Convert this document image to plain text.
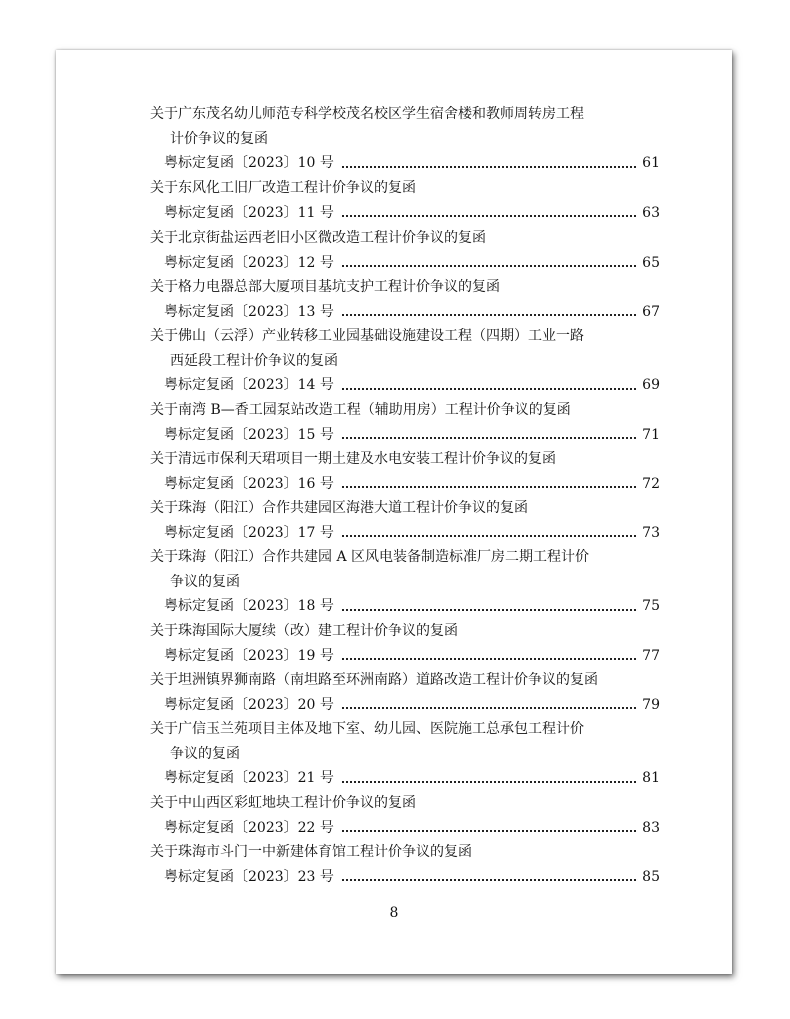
关于广东茂名幼儿师范专科学校茂名校区学生宿舍楼和教师周转房工程
计价争议的复函
粤标定复函〔2023〕10 号	61
关于东风化工旧厂改造工程计价争议的复函
粤标定复函〔2023〕11 号	63
关于北京街盐运西老旧小区微改造工程计价争议的复函
粤标定复函〔2023〕12 号	65
关于格力电器总部大厦项目基坑支护工程计价争议的复函
粤标定复函〔2023〕13 号	67
关于佛山（云浮）产业转移工业园基础设施建设工程（四期）工业一路
西延段工程计价争议的复函
粤标定复函〔2023〕14 号	69
关于南湾 B—香工园泵站改造工程（辅助用房）工程计价争议的复函
粤标定复函〔2023〕15 号	71
关于清远市保利天珺项目一期土建及水电安装工程计价争议的复函
粤标定复函〔2023〕16 号	72
关于珠海（阳江）合作共建园区海港大道工程计价争议的复函
粤标定复函〔2023〕17 号	73
关于珠海（阳江）合作共建园 A 区风电装备制造标准厂房二期工程计价
争议的复函
粤标定复函〔2023〕18 号	75
关于珠海国际大厦续（改）建工程计价争议的复函
粤标定复函〔2023〕19 号	77
关于坦洲镇界狮南路（南坦路至环洲南路）道路改造工程计价争议的复函
粤标定复函〔2023〕20 号	79
关于广信玉兰苑项目主体及地下室、幼儿园、医院施工总承包工程计价
争议的复函
粤标定复函〔2023〕21 号	81
关于中山西区彩虹地块工程计价争议的复函
粤标定复函〔2023〕22 号	83
关于珠海市斗门一中新建体育馆工程计价争议的复函
粤标定复函〔2023〕23 号	85
8
